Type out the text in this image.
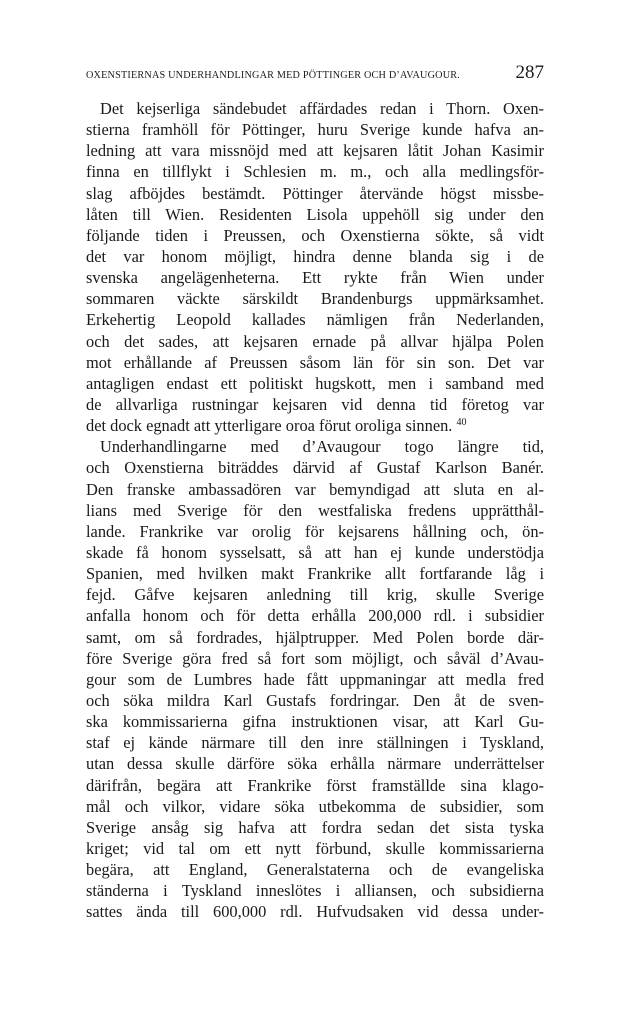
OXENSTIERNAS UNDERHANDLINGAR MED PÖTTINGER OCH D’AVAUGOUR.	287
Det kejserliga sändebudet affärdades redan i Thorn. Oxen-
stierna framhöll för Pöttinger, huru Sverige kunde hafva an-
ledning att vara missnöjd med att kejsaren låtit Johan Kasimir
finna en tillflykt i Schlesien m. m., och alla medlingsför-
slag afböjdes bestämdt. Pöttinger återvände högst missbe-
låten till Wien. Residenten Lisola uppehöll sig under den
följande tiden i Preussen, och Oxenstierna sökte, så vidt
det var honom möjligt, hindra denne blanda sig i de
svenska angelägenheterna. Ett rykte från Wien under
sommaren väckte särskildt Brandenburgs uppmärksamhet.
Erkehertig Leopold kallades nämligen från Nederlanden,
och det sades, att kejsaren ernade på allvar hjälpa Polen
mot erhållande af Preussen såsom län för sin son. Det var
antagligen endast ett politiskt hugskott, men i samband med
de allvarliga rustningar kejsaren vid denna tid företog var
det dock egnadt att ytterligare oroa förut oroliga sinnen. $^{40}$
Underhandlingarne med d’Avaugour togo längre tid,
och Oxenstierna biträddes därvid af Gustaf Karlson Banér.
Den franske ambassadören var bemyndigad att sluta en al-
lians med Sverige för den westfaliska fredens upprätthål-
lande. Frankrike var orolig för kejsarens hållning och, ön-
skade få honom sysselsatt, så att han ej kunde understödja
Spanien, med hvilken makt Frankrike allt fortfarande låg i
fejd. Gåfve kejsaren anledning till krig, skulle Sverige
anfalla honom och för detta erhålla 200,000 rdl. i subsidier
samt, om så fordrades, hjälptrupper. Med Polen borde där-
före Sverige göra fred så fort som möjligt, och såväl d’Avau-
gour som de Lumbres hade fått uppmaningar att medla fred
och söka mildra Karl Gustafs fordringar. Den åt de sven-
ska kommissarierna gifna instruktionen visar, att Karl Gu-
staf ej kände närmare till den inre ställningen i Tyskland,
utan dessa skulle därföre söka erhålla närmare underrättelser
därifrån, begära att Frankrike först framställde sina klago-
mål och vilkor, vidare söka utbekomma de subsidier, som
Sverige ansåg sig hafva att fordra sedan det sista tyska
kriget; vid tal om ett nytt förbund, skulle kommissarierna
begära, att England, Generalstaterna och de evangeliska
ständerna i Tyskland inneslötes i alliansen, och subsidierna
sattes ända till 600,000 rdl. Hufvudsaken vid dessa under-
